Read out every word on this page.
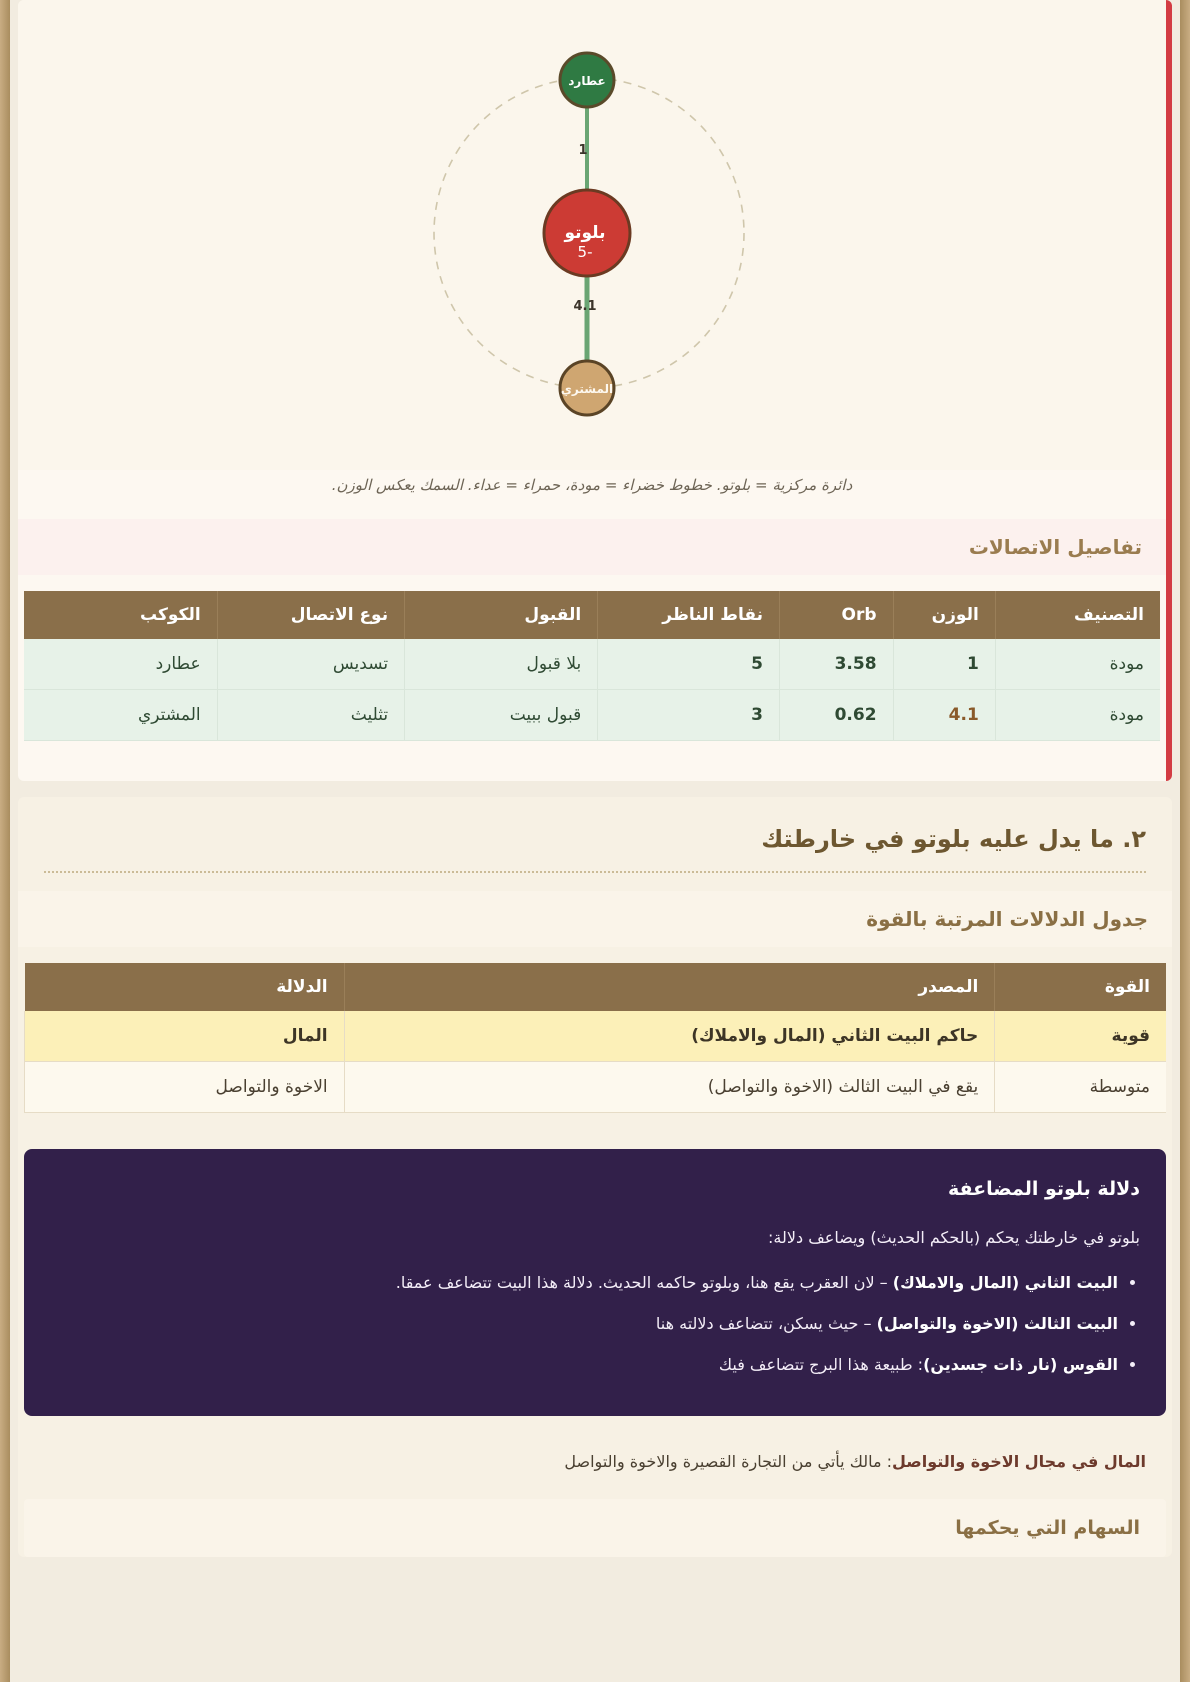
1
4.1
المشتري
عطارد
بلوتو
-5
دائرة مركزية = بلوتو. خطوط خضراء = مودة، حمراء = عداء. السمك يعكس الوزن.
تفاصيل الاتصالات
التصنيف	الوزن	Orb	نقاط الناظر	القبول	نوع الاتصال	الكوكب
مودة	1	3.58	5	بلا قبول	تسديس	عطارد
مودة	4.1	0.62	3	قبول ببيت	تثليث	المشتري
٢. ما يدل عليه بلوتو في خارطتك
جدول الدلالات المرتبة بالقوة
القوة	المصدر	الدلالة
قوية	حاكم البيت الثاني (المال والاملاك)	المال
متوسطة	يقع في البيت الثالث (الاخوة والتواصل)	الاخوة والتواصل
دلالة بلوتو المضاعفة

بلوتو في خارطتك يحكم (بالحكم الحديث) ويضاعف دلالة:

• البيت الثاني (المال والاملاك) – لان العقرب يقع هنا، وبلوتو حاكمه الحديث. دلالة هذا البيت تتضاعف عمقا.
• البيت الثالث (الاخوة والتواصل) – حيث يسكن، تتضاعف دلالته هنا
• القوس (نار ذات جسدين): طبيعة هذا البرج تتضاعف فيك
المال في مجال الاخوة والتواصل: مالك يأتي من التجارة القصيرة والاخوة والتواصل
السهام التي يحكمها
